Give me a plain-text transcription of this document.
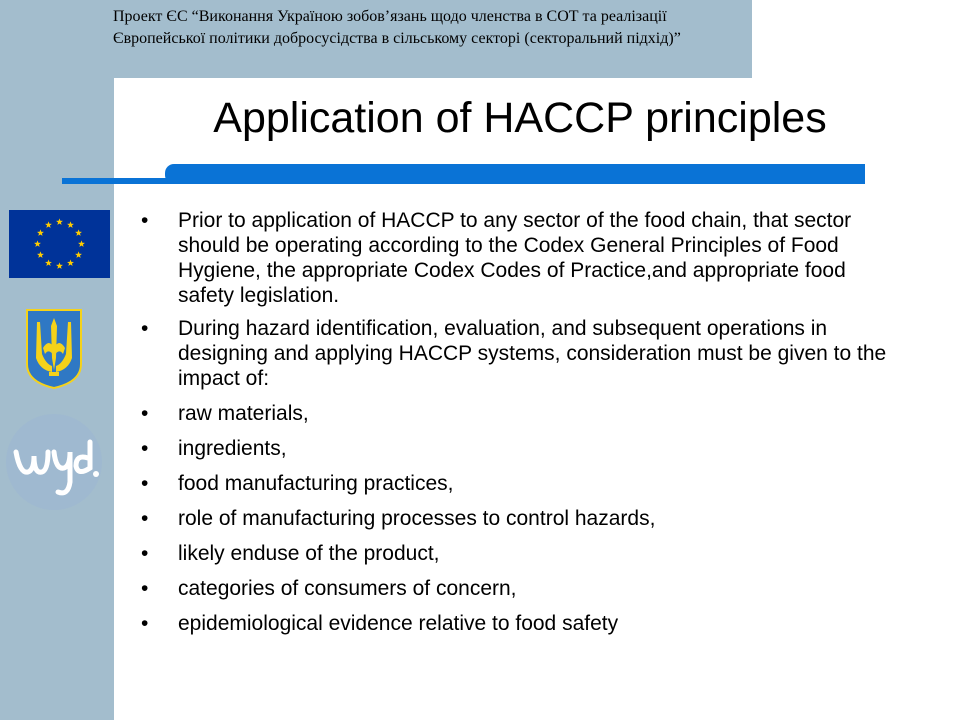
Проект ЄС “Виконання Україною зобов’язань щодо членства в СОТ та реалізації Європейської політики добросусідства в сільському секторі (секторальний підхід)”

Application of HACCP principles
• Prior to application of HACCP to any sector of the food chain, that sector should be operating according to the Codex General Principles of Food Hygiene, the appropriate Codex Codes of Practice,and appropriate food safety legislation.
• During hazard identification, evaluation, and subsequent operations in designing and applying HACCP systems, consideration must be given to the impact of:
• raw materials,
• ingredients,
• food manufacturing practices,
• role of manufacturing processes to control hazards,
• likely enduse of the product,
• categories of consumers of concern,
• epidemiological evidence relative to food safety
